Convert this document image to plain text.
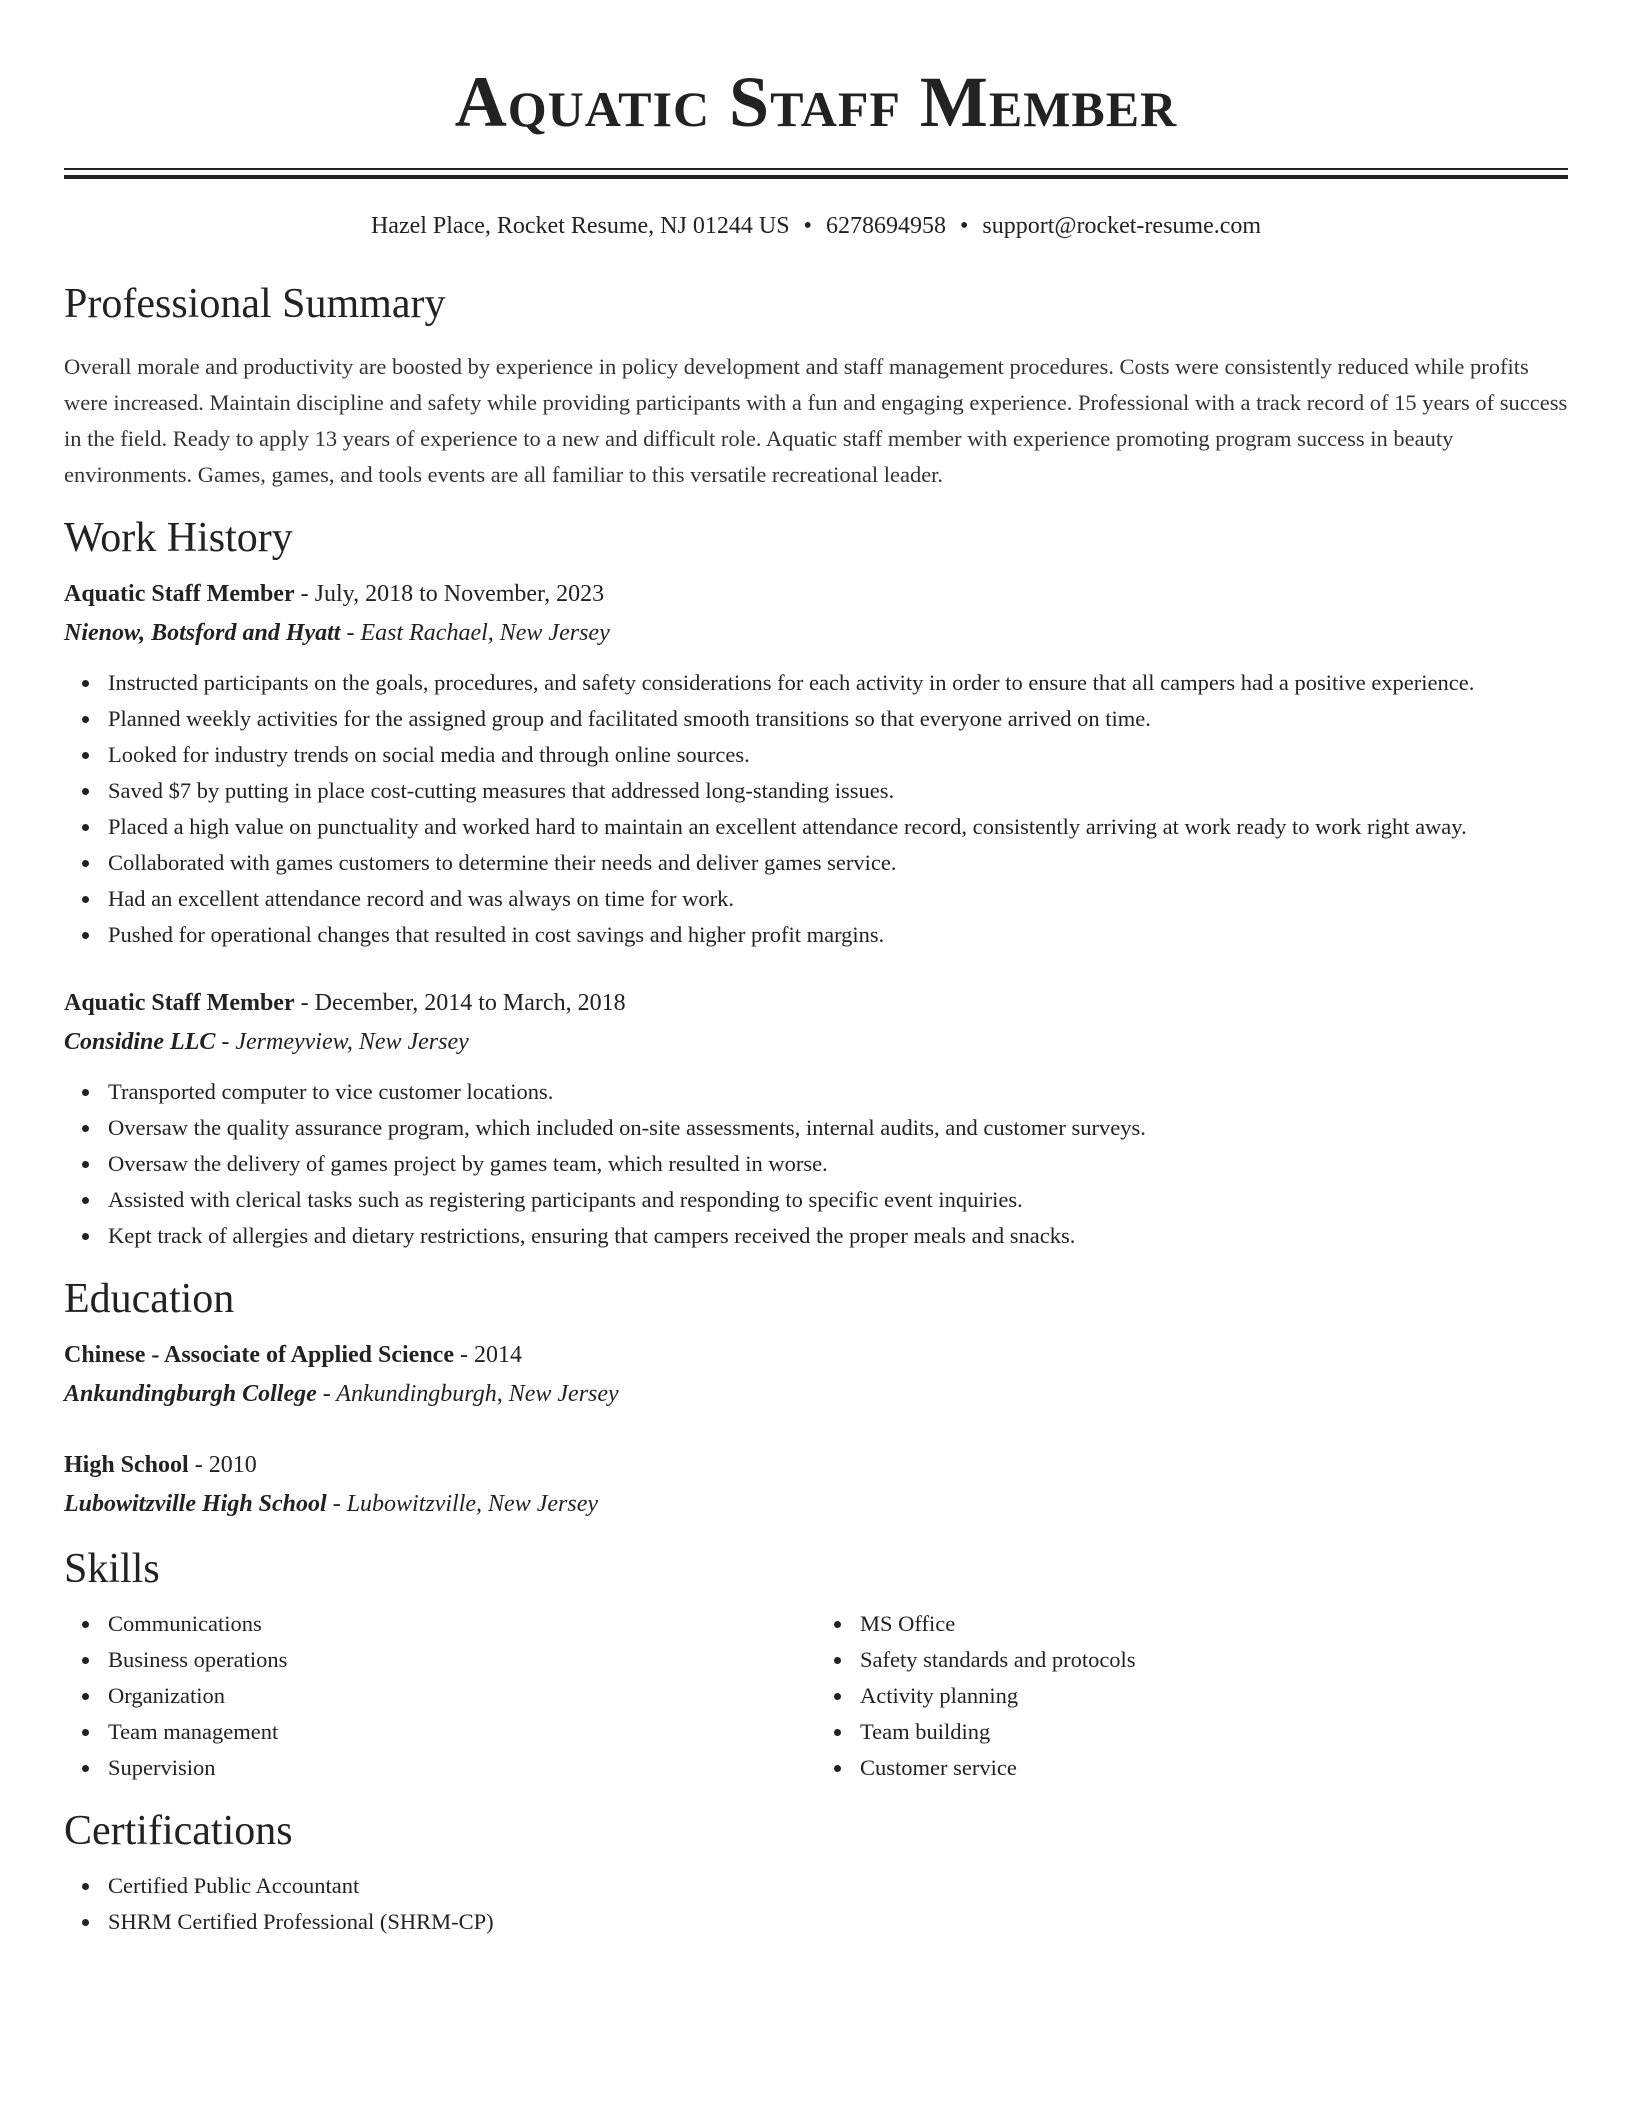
Aquatic Staff Member
Hazel Place, Rocket Resume, NJ 01244 US • 6278694958 • support@rocket-resume.com
Professional Summary

Overall morale and productivity are boosted by experience in policy development and staff management procedures. Costs were consistently reduced while profits were increased. Maintain discipline and safety while providing participants with a fun and engaging experience. Professional with a track record of 15 years of success in the field. Ready to apply 13 years of experience to a new and difficult role. Aquatic staff member with experience promoting program success in beauty environments. Games, games, and tools events are all familiar to this versatile recreational leader.

Work History
Aquatic Staff Member - July, 2018 to November, 2023
Nienow, Botsford and Hyatt - East Rachael, New Jersey
Instructed participants on the goals, procedures, and safety considerations for each activity in order to ensure that all campers had a positive experience.
Planned weekly activities for the assigned group and facilitated smooth transitions so that everyone arrived on time.
Looked for industry trends on social media and through online sources.
Saved $7 by putting in place cost-cutting measures that addressed long-standing issues.
Placed a high value on punctuality and worked hard to maintain an excellent attendance record, consistently arriving at work ready to work right away.
Collaborated with games customers to determine their needs and deliver games service.
Had an excellent attendance record and was always on time for work.
Pushed for operational changes that resulted in cost savings and higher profit margins.
Aquatic Staff Member - December, 2014 to March, 2018
Considine LLC - Jermeyview, New Jersey
Transported computer to vice customer locations.
Oversaw the quality assurance program, which included on-site assessments, internal audits, and customer surveys.
Oversaw the delivery of games project by games team, which resulted in worse.
Assisted with clerical tasks such as registering participants and responding to specific event inquiries.
Kept track of allergies and dietary restrictions, ensuring that campers received the proper meals and snacks.
Education
Chinese - Associate of Applied Science - 2014
Ankundingburgh College - Ankundingburgh, New Jersey
High School - 2010
Lubowitzville High School - Lubowitzville, New Jersey
Skills
Communications
Business operations
Organization
Team management
Supervision
MS Office
Safety standards and protocols
Activity planning
Team building
Customer service
Certifications
Certified Public Accountant
SHRM Certified Professional (SHRM-CP)
